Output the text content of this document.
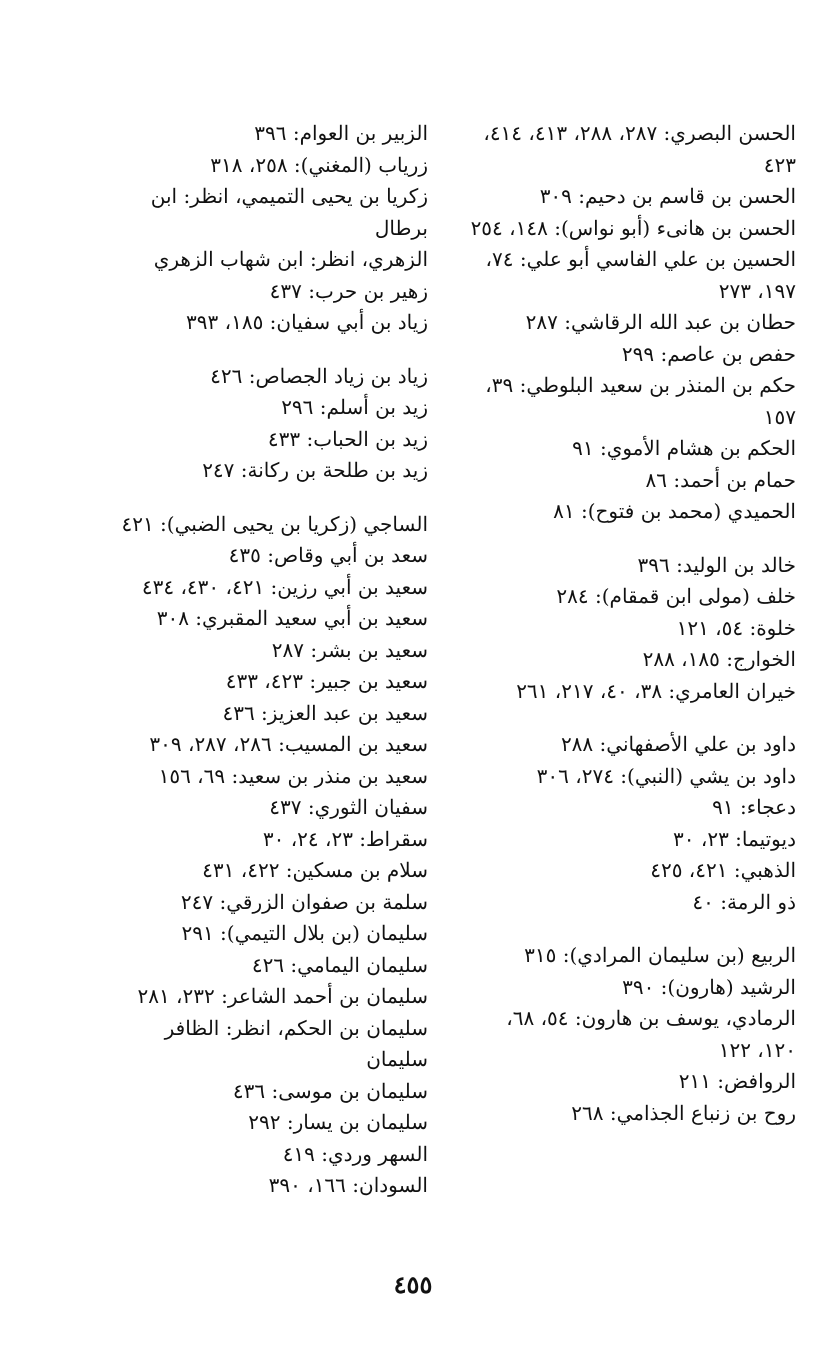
الحسن البصري: ٢٨٧، ٢٨٨، ٤١٣، ٤١٤، ٤٢٣

الحسن بن قاسم بن دحيم: ٣٠٩

الحسن بن هانىء (أبو نواس): ١٤٨، ٢٥٤

الحسين بن علي الفاسي أبو علي: ٧٤، ١٩٧، ٢٧٣

حطان بن عبد الله الرقاشي: ٢٨٧

حفص بن عاصم: ٢٩٩

حكم بن المنذر بن سعيد البلوطي: ٣٩، ١٥٧

الحكم بن هشام الأموي: ٩١

حمام بن أحمد: ٨٦

الحميدي (محمد بن فتوح): ٨١

خالد بن الوليد: ٣٩٦

خلف (مولى ابن قمقام): ٢٨٤

خلوة: ٥٤، ١٢١

الخوارج: ١٨٥، ٢٨٨

خيران العامري: ٣٨، ٤٠، ٢١٧، ٢٦١

داود بن علي الأصفهاني: ٢٨٨

داود بن يشي (النبي): ٢٧٤، ٣٠٦

دعجاء: ٩١

ديوتيما: ٢٣، ٣٠

الذهبي: ٤٢١، ٤٢٥

ذو الرمة: ٤٠

الربيع (بن سليمان المرادي): ٣١٥

الرشيد (هارون): ٣٩٠

الرمادي، يوسف بن هارون: ٥٤، ٦٨، ١٢٠، ١٢٢

الروافض: ٢١١

روح بن زنباع الجذامي: ٢٦٨

الزبير بن العوام: ٣٩٦

زرياب (المغني): ٢٥٨، ٣١٨

زكريا بن يحيى التميمي، انظر: ابن برطال

الزهري، انظر: ابن شهاب الزهري

زهير بن حرب: ٤٣٧

زياد بن أبي سفيان: ١٨٥، ٣٩٣

زياد بن زياد الجصاص: ٤٢٦

زيد بن أسلم: ٢٩٦

زيد بن الحباب: ٤٣٣

زيد بن طلحة بن ركانة: ٢٤٧

الساجي (زكريا بن يحيى الضبي): ٤٢١

سعد بن أبي وقاص: ٤٣٥

سعيد بن أبي رزين: ٤٢١، ٤٣٠، ٤٣٤

سعيد بن أبي سعيد المقبري: ٣٠٨

سعيد بن بشر: ٢٨٧

سعيد بن جبير: ٤٢٣، ٤٣٣

سعيد بن عبد العزيز: ٤٣٦

سعيد بن المسيب: ٢٨٦، ٢٨٧، ٣٠٩

سعيد بن منذر بن سعيد: ٦٩، ١٥٦

سفيان الثوري: ٤٣٧

سقراط: ٢٣، ٢٤، ٣٠

سلام بن مسكين: ٤٢٢، ٤٣١

سلمة بن صفوان الزرقي: ٢٤٧

سليمان (بن بلال التيمي): ٢٩١

سليمان اليمامي: ٤٢٦

سليمان بن أحمد الشاعر: ٢٣٢، ٢٨١

سليمان بن الحكم، انظر: الظافر سليمان

سليمان بن موسى: ٤٣٦

سليمان بن يسار: ٢٩٢

السهر وردي: ٤١٩

السودان: ١٦٦، ٣٩٠

٤٥٥
